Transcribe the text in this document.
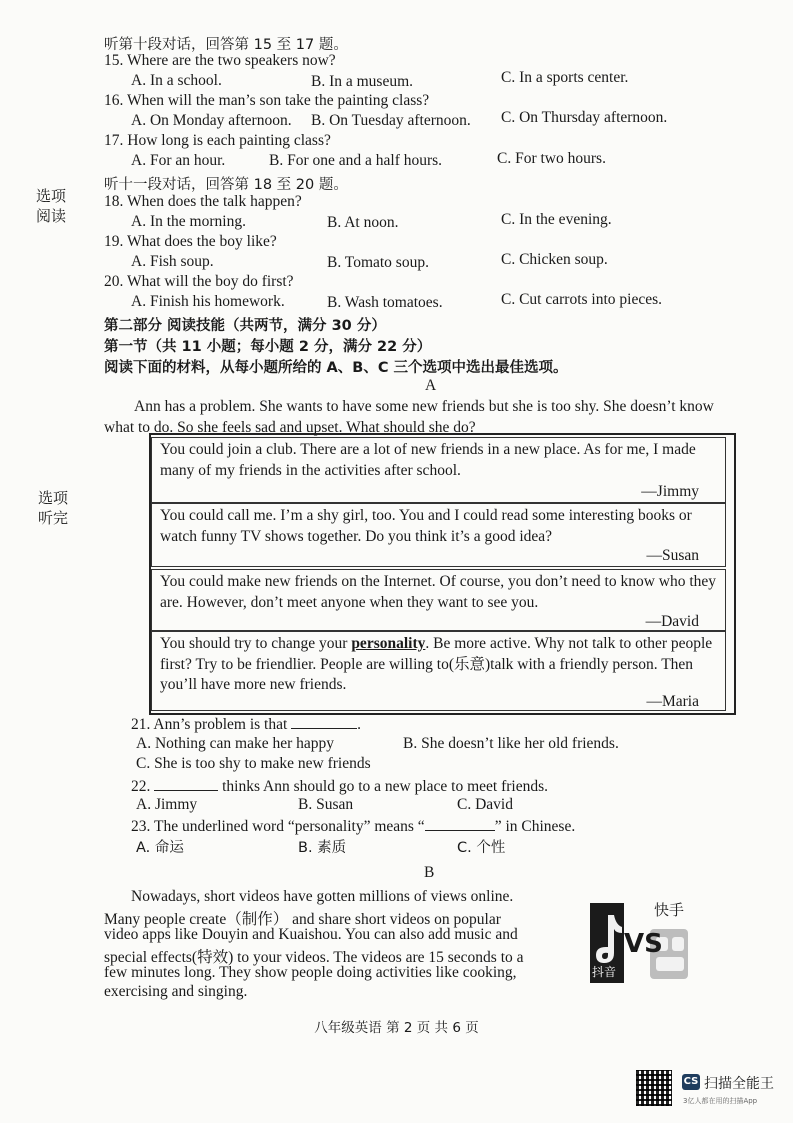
听第十段对话，回答第 15 至 17 题。
15. Where are the two speakers now?
A. In a school.	B. In a museum.	C. In a sports center.
16. When will the man’s son take the painting class?
A. On Monday afternoon. B. On Tuesday afternoon. C. On Thursday afternoon.
17. How long is each painting class?
A. For an hour.	B. For one and a half hours.	C. For two hours.
听十一段对话，回答第 18 至 20 题。
18. When does the talk happen?
A. In the morning.	B. At noon.	C. In the evening.
19. What does the boy like?
A. Fish soup.	B. Tomato soup.	C. Chicken soup.
20. What will the boy do first?
A. Finish his homework.	B. Wash tomatoes.	C. Cut carrots into pieces.
选项
阅读
选项
听完
第二部分 阅读技能（共两节，满分 30 分）
第一节（共 11 小题；每小题 2 分，满分 22 分）
阅读下面的材料，从每小题所给的 A、B、C 三个选项中选出最佳选项。
A
Ann has a problem. She wants to have some new friends but she is too shy. She doesn’t know what to do. So she feels sad and upset. What should she do?
You could join a club. There are a lot of new friends in a new place. As for me, I made many of my friends in the activities after school.
—Jimmy
You could call me. I’m a shy girl, too. You and I could read some interesting books or watch funny TV shows together. Do you think it’s a good idea?
—Susan
You could make new friends on the Internet. Of course, you don’t need to know who they are. However, don’t meet anyone when they want to see you.
—David
You should try to change your personality. Be more active. Why not talk to other people first? Try to be friendlier. People are willing to(乐意)talk with a friendly person. Then you’ll have more new friends.
—Maria
21. Ann’s problem is that	.
A. Nothing can make her happy	B. She doesn’t like her old friends.
C. She is too shy to make new friends
22.	thinks Ann should go to a new place to meet friends.
A. Jimmy	B. Susan	C. David
23. The underlined word “personality” means “	” in Chinese.
A. 命运	B. 素质	C. 个性
B
Nowadays, short videos have gotten millions of views online.
Many people create（制作） and share short videos on popular
video apps like Douyin and Kuaishou. You can also add music and
special effects(特效) to your videos. The videos are 15 seconds to a
few minutes long. They show people doing activities like cooking,
exercising and singing.
VS
抖音
快手
八年级英语 第 2 页 共 6 页
CS 扫描全能王
3亿人都在用的扫描App
